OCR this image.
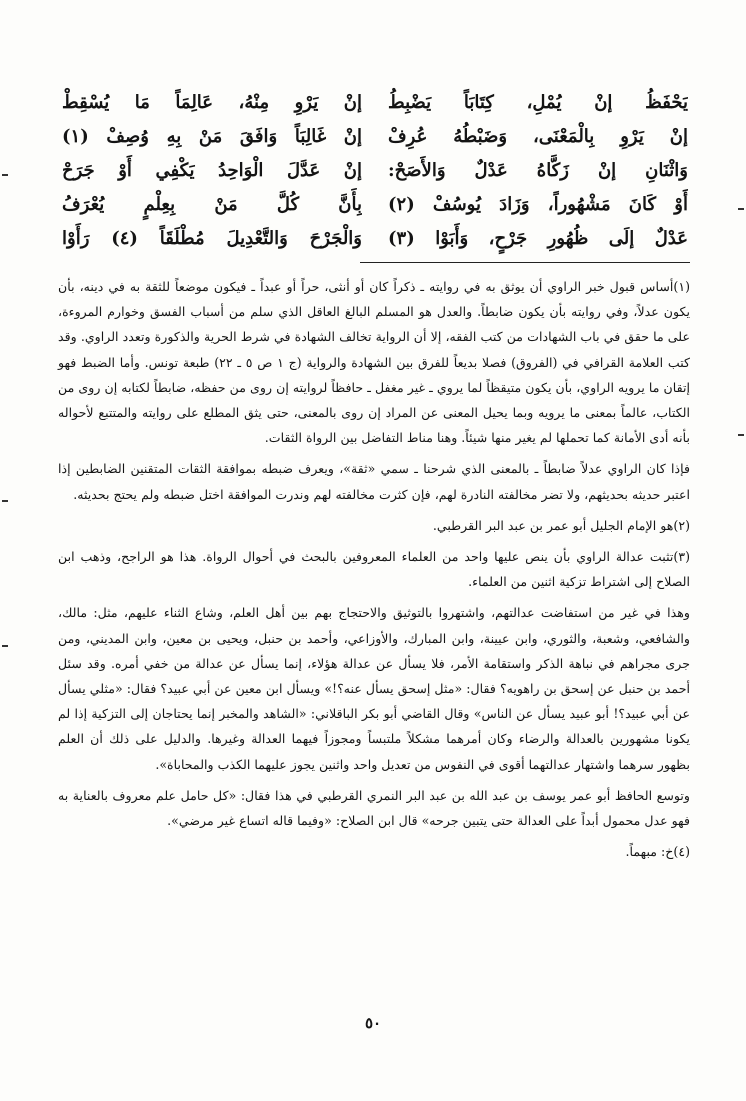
يَحْفَظُ إنْ يُمْلِ، كِتَابَاً يَضْبِطُ
إنْ يَرْوِ بِالْمَعْنَى، وَضَبْطُهُ عُرِفْ
وَاثْنَانِ إنْ زَكَّاهُ عَدْلٌ وَالأَصَحْ:
أَوْ كَانَ مَشْهُوراً، وَزَادَ يُوسُفْ (٢)
عَدْلٌ إلَى ظُهُورِ جَرْحٍ، وَأَبَوْا (٣)
إنْ يَرْوِ مِنْهُ، عَالِمَاً مَا يُسْقِطْ
إنْ غَالِبَاً وَافَقَ مَنْ بِهِ وُصِفْ (١)
إنْ عَدَّلَ الْوَاحِدُ يَكْفِي أَوْ جَرَحْ
بِأَنَّ كُلَّ مَنْ بِعِلْمٍ يُعْرَفُ
وَالْجَرْحَ وَالتَّعْدِيلَ مُطْلَقَاً (٤) رَأَوْا

(١)أساس قبول خبر الراوي أن يوثق به في روايته ـ ذكراً كان أو أنثى، حراً أو عبداً ـ فيكون موضعاً للثقة به في دينه، بأن يكون عدلاً، وفي روايته بأن يكون ضابطاً. والعدل هو المسلم البالغ العاقل الذي سلم من أسباب الفسق وخوارم المروءة، على ما حقق في باب الشهادات من كتب الفقه، إلا أن الرواية تخالف الشهادة في شرط الحرية والذكورة وتعدد الراوي. وقد كتب العلامة القرافي في (الفروق) فصلا بديعاً للفرق بين الشهادة والرواية (ج ١ ص ٥ ـ ٢٢) طبعة تونس. وأما الضبط فهو إتقان ما يرويه الراوي، بأن يكون متيقظاً لما يروي ـ غير مغفل ـ حافظاً لروايته إن روى من حفظه، ضابطاً لكتابه إن روى من الكتاب، عالماً بمعنى ما يرويه وبما يحيل المعنى عن المراد إن روى بالمعنى، حتى يثق المطلع على روايته والمتتبع لأحواله بأنه أدى الأمانة كما تحملها لم يغير منها شيئاً. وهنا مناط التفاضل بين الرواة الثقات.

فإذا كان الراوي عدلاً ضابطاً ـ بالمعنى الذي شرحنا ـ سمي «ثقة»، ويعرف ضبطه بموافقة الثقات المتقنين الضابطين إذا اعتبر حديثه بحديثهم، ولا تضر مخالفته النادرة لهم، فإن كثرت مخالفته لهم وندرت الموافقة اختل ضبطه ولم يحتج بحديثه.

(٢)هو الإمام الجليل أبو عمر بن عبد البر القرطبي.

(٣)تثبت عدالة الراوي بأن ينص عليها واحد من العلماء المعروفين بالبحث في أحوال الرواة. هذا هو الراجح، وذهب ابن الصلاح إلى اشتراط تزكية اثنين من العلماء.

وهذا في غير من استفاضت عدالتهم، واشتهروا بالتوثيق والاحتجاج بهم بين أهل العلم، وشاع الثناء عليهم، مثل: مالك، والشافعي، وشعبة، والثوري، وابن عيينة، وابن المبارك، والأوزاعي، وأحمد بن حنبل، ويحيى بن معين، وابن المديني، ومن جرى مجراهم في نباهة الذكر واستقامة الأمر، فلا يسأل عن عدالة هؤلاء، إنما يسأل عن عدالة من خفي أمره. وقد سئل أحمد بن حنبل عن إسحق بن راهويه؟ فقال: «مثل إسحق يسأل عنه؟!» ويسأل ابن معين عن أبي عبيد؟ فقال: «مثلي يسأل عن أبي عبيد؟! أبو عبيد يسأل عن الناس» وقال القاضي أبو بكر الباقلاني: «الشاهد والمخبر إنما يحتاجان إلى التزكية إذا لم يكونا مشهورين بالعدالة والرضاء وكان أمرهما مشكلاً ملتبساً ومجوزاً فيهما العدالة وغيرها. والدليل على ذلك أن العلم بظهور سرهما واشتهار عدالتهما أقوى في النفوس من تعديل واحد واثنين يجوز عليهما الكذب والمحاباة».

وتوسع الحافظ أبو عمر يوسف بن عبد الله بن عبد البر النمري القرطبي في هذا فقال: «كل حامل علم معروف بالعناية به فهو عدل محمول أبداً على العدالة حتى يتبين جرحه» قال ابن الصلاح: «وفيما قاله اتساع غير مرضي».

(٤)خ: مبهماً.

٥٠
